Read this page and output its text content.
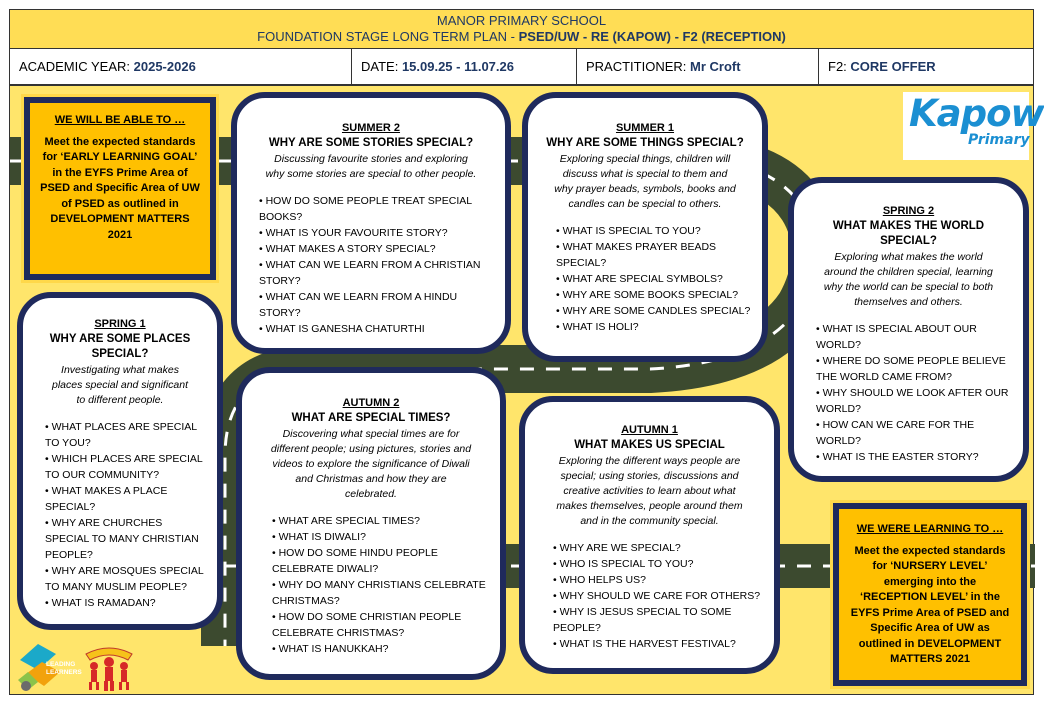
MANOR PRIMARY SCHOOL
FOUNDATION STAGE LONG TERM PLAN - PSED/UW - RE (KAPOW) - F2 (RECEPTION)
ACADEMIC YEAR: 2025-2026	DATE: 15.09.25 - 11.07.26	PRACTITIONER: Mr Croft	F2: CORE OFFER
WE WILL BE ABLE TO …
Meet the expected standards
for ‘EARLY LEARNING GOAL’
in the EYFS Prime Area of
PSED and Specific Area of UW
of PSED as outlined in
DEVELOPMENT MATTERS
2021
SUMMER 2
WHY ARE SOME STORIES SPECIAL?
Discussing favourite stories and exploring
why some stories are special to other people.
• HOW DO SOME PEOPLE TREAT SPECIAL
BOOKS?
• WHAT IS YOUR FAVOURITE STORY?
• WHAT MAKES A STORY SPECIAL?
• WHAT CAN WE LEARN FROM A CHRISTIAN
STORY?
• WHAT CAN WE LEARN FROM A HINDU
STORY?
• WHAT IS GANESHA CHATURTHI
SUMMER 1
WHY ARE SOME THINGS SPECIAL?
Exploring special things, children will
discuss what is special to them and
why prayer beads, symbols, books and
candles can be special to others.
• WHAT IS SPECIAL TO YOU?
• WHAT MAKES PRAYER BEADS
SPECIAL?
• WHAT ARE SPECIAL SYMBOLS?
• WHY ARE SOME BOOKS SPECIAL?
• WHY ARE SOME CANDLES SPECIAL?
• WHAT IS HOLI?
Kapow
Primary
SPRING 2
WHAT MAKES THE WORLD
SPECIAL?
Exploring what makes the world
around the children special, learning
why the world can be special to both
themselves and others.
• WHAT IS SPECIAL ABOUT OUR
WORLD?
• WHERE DO SOME PEOPLE BELIEVE
THE WORLD CAME FROM?
• WHY SHOULD WE LOOK AFTER OUR
WORLD?
• HOW CAN WE CARE FOR THE
WORLD?
• WHAT IS THE EASTER STORY?
SPRING 1
WHY ARE SOME PLACES
SPECIAL?
Investigating what makes
places special and significant
to different people.
• WHAT PLACES ARE SPECIAL
TO YOU?
• WHICH PLACES ARE SPECIAL
TO OUR COMMUNITY?
• WHAT MAKES A PLACE
SPECIAL?
• WHY ARE CHURCHES
SPECIAL TO MANY CHRISTIAN
PEOPLE?
• WHY ARE MOSQUES SPECIAL
TO MANY MUSLIM PEOPLE?
• WHAT IS RAMADAN?
AUTUMN 2
WHAT ARE SPECIAL TIMES?
Discovering what special times are for
different people; using pictures, stories and
videos to explore the significance of Diwali
and Christmas and how they are
celebrated.
• WHAT ARE SPECIAL TIMES?
• WHAT IS DIWALI?
• HOW DO SOME HINDU PEOPLE
CELEBRATE DIWALI?
• WHY DO MANY CHRISTIANS CELEBRATE
CHRISTMAS?
• HOW DO SOME CHRISTIAN PEOPLE
CELEBRATE CHRISTMAS?
• WHAT IS HANUKKAH?
AUTUMN 1
WHAT MAKES US SPECIAL
Exploring the different ways people are
special; using stories, discussions and
creative activities to learn about what
makes themselves, people around them
and in the community special.
• WHY ARE WE SPECIAL?
• WHO IS SPECIAL TO YOU?
• WHO HELPS US?
• WHY SHOULD WE CARE FOR OTHERS?
• WHY IS JESUS SPECIAL TO SOME
PEOPLE?
• WHAT IS THE HARVEST FESTIVAL?
WE WERE LEARNING TO …
Meet the expected standards
for ‘NURSERY LEVEL’
emerging into the
‘RECEPTION LEVEL’ in the
EYFS Prime Area of PSED and
Specific Area of UW as
outlined in DEVELOPMENT
MATTERS 2021
LEADING
LEARNERS
